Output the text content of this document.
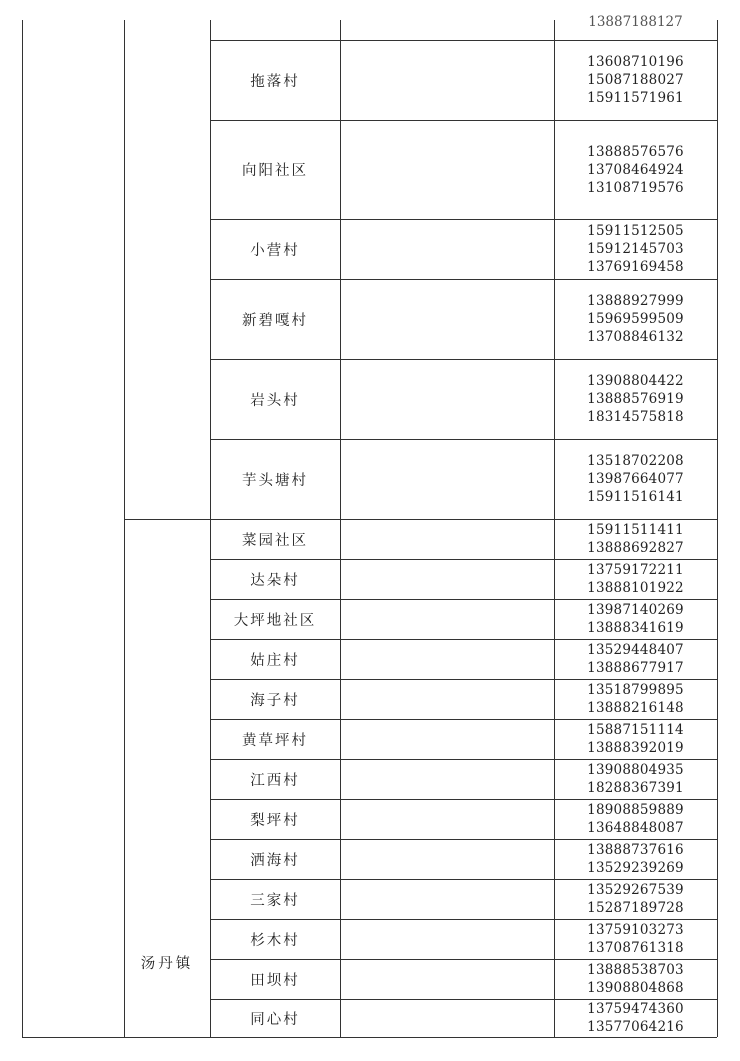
13887188127
拖落村
13608710196
15087188027
15911571961
向阳社区
13888576576
13708464924
13108719576
小营村
15911512505
15912145703
13769169458
新碧嘎村
13888927999
15969599509
13708846132
岩头村
13908804422
13888576919
18314575818
芋头塘村
13518702208
13987664077
15911516141
菜园社区
15911511411
13888692827
达朵村
13759172211
13888101922
大坪地社区
13987140269
13888341619
姑庄村
13529448407
13888677917
海子村
13518799895
13888216148
黄草坪村
15887151114
13888392019
江西村
13908804935
18288367391
梨坪村
18908859889
13648848087
洒海村
13888737616
13529239269
三家村
13529267539
15287189728
杉木村
13759103273
13708761318
田坝村
13888538703
13908804868
同心村
13759474360
13577064216
汤丹镇
